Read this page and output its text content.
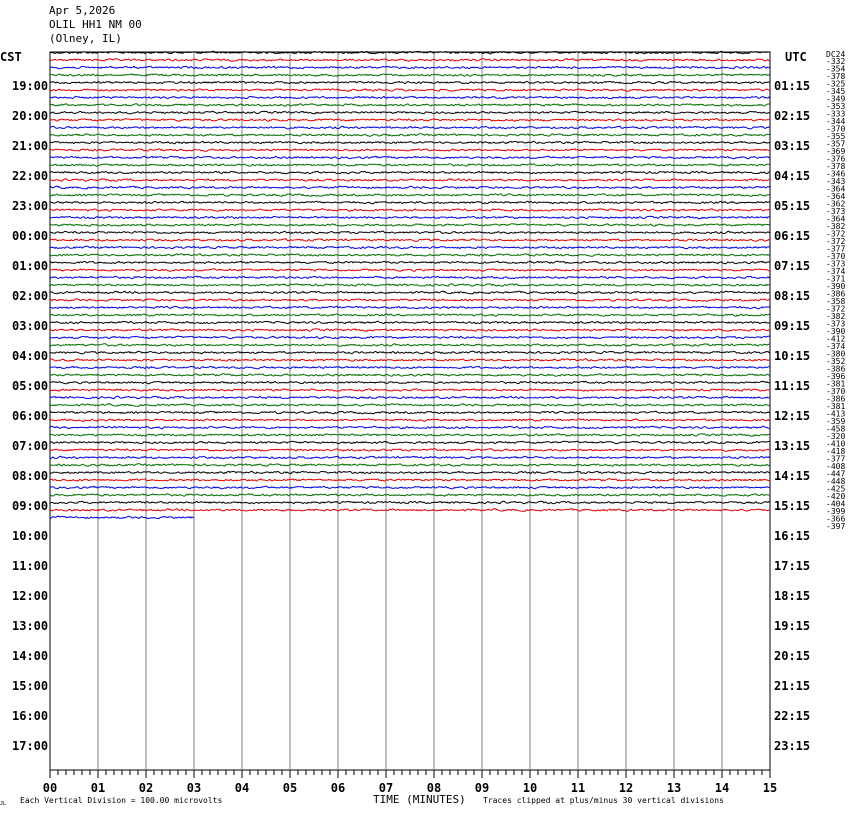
Apr 5,2026
OLIL HH1 NM 00
(Olney, IL)
CST	UTC DC24
19:00
20:00
21:00
22:00
23:00
00:00
01:00
02:00
03:00
04:00
05:00
06:00
07:00
08:00
09:00
10:00
11:00
12:00
13:00
14:00
15:00
16:00
17:00
01:15
02:15
03:15
04:15
05:15
06:15
07:15
08:15
09:15
10:15
11:15
12:15
13:15
14:15
15:15
16:15
17:15
18:15
19:15
20:15
21:15
22:15
23:15
-332
-354
-378
-325
-345
-349
-353
-333
-344
-370
-355
-357
-369
-376
-378
-346
-343
-364
-364
-362
-373
-364
-382
-372
-372
-377
-370
-373
-374
-371
-390
-386
-358
-372
-382
-373
-390
-412
-374
-380
-352
-386
-396
-381
-370
-386
-381
-413
-359
-458
-320
-410
-418
-377
-408
-447
-448
-425
-420
-404
-399
-366
-397
00	01	02	03	04	05	06	07	08	09	10	11	12	13	14	15
Each Vertical Division = 100.00 microvolts
JL	TIME (MINUTES) Traces clipped at plus/minus 30 vertical divisions
